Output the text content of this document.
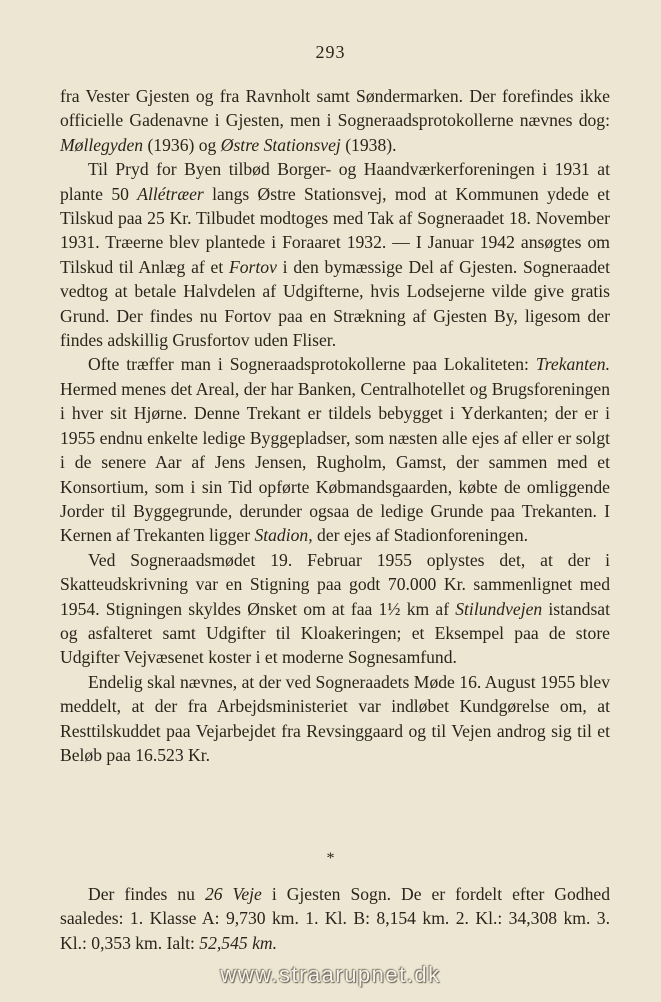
293

fra Vester Gjesten og fra Ravnholt samt Søndermarken. Der forefindes ikke officielle Gadenavne i Gjesten, men i Sogneraadsprotokollerne nævnes dog: Møllegyden (1936) og Østre Stationsvej (1938).

Til Pryd for Byen tilbød Borger- og Haandværkerforeningen i 1931 at plante 50 Allétræer langs Østre Stationsvej, mod at Kommunen ydede et Tilskud paa 25 Kr. Tilbudet modtoges med Tak af Sogneraadet 18. November 1931. Træerne blev plantede i Foraaret 1932. — I Januar 1942 ansøgtes om Tilskud til Anlæg af et Fortov i den bymæssige Del af Gjesten. Sogneraadet vedtog at betale Halvdelen af Udgifterne, hvis Lodsejerne vilde give gratis Grund. Der findes nu Fortov paa en Strækning af Gjesten By, ligesom der findes adskillig Grusfortov uden Fliser.

Ofte træffer man i Sogneraadsprotokollerne paa Lokaliteten: Trekanten. Hermed menes det Areal, der har Banken, Centralhotellet og Brugsforeningen i hver sit Hjørne. Denne Trekant er tildels bebygget i Yderkanten; der er i 1955 endnu enkelte ledige Byggepladser, som næsten alle ejes af eller er solgt i de senere Aar af Jens Jensen, Rugholm, Gamst, der sammen med et Konsortium, som i sin Tid opførte Købmandsgaarden, købte de omliggende Jorder til Byggegrunde, derunder ogsaa de ledige Grunde paa Trekanten. I Kernen af Trekanten ligger Stadion, der ejes af Stadionforeningen.

Ved Sogneraadsmødet 19. Februar 1955 oplystes det, at der i Skatteudskrivning var en Stigning paa godt 70.000 Kr. sammenlignet med 1954. Stigningen skyldes Ønsket om at faa 1½ km af Stilundvejen istandsat og asfalteret samt Udgifter til Kloakeringen; et Eksempel paa de store Udgifter Vejvæsenet koster i et moderne Sognesamfund.

Endelig skal nævnes, at der ved Sogneraadets Møde 16. August 1955 blev meddelt, at der fra Arbejdsministeriet var indløbet Kundgørelse om, at Resttilskuddet paa Vejarbejdet fra Revsinggaard og til Vejen androg sig til et Beløb paa 16.523 Kr.

*

Der findes nu 26 Veje i Gjesten Sogn. De er fordelt efter Godhed saaledes: 1. Klasse A: 9,730 km. 1. Kl. B: 8,154 km. 2. Kl.: 34,308 km. 3. Kl.: 0,353 km. Ialt: 52,545 km.

www.straarupnet.dk
